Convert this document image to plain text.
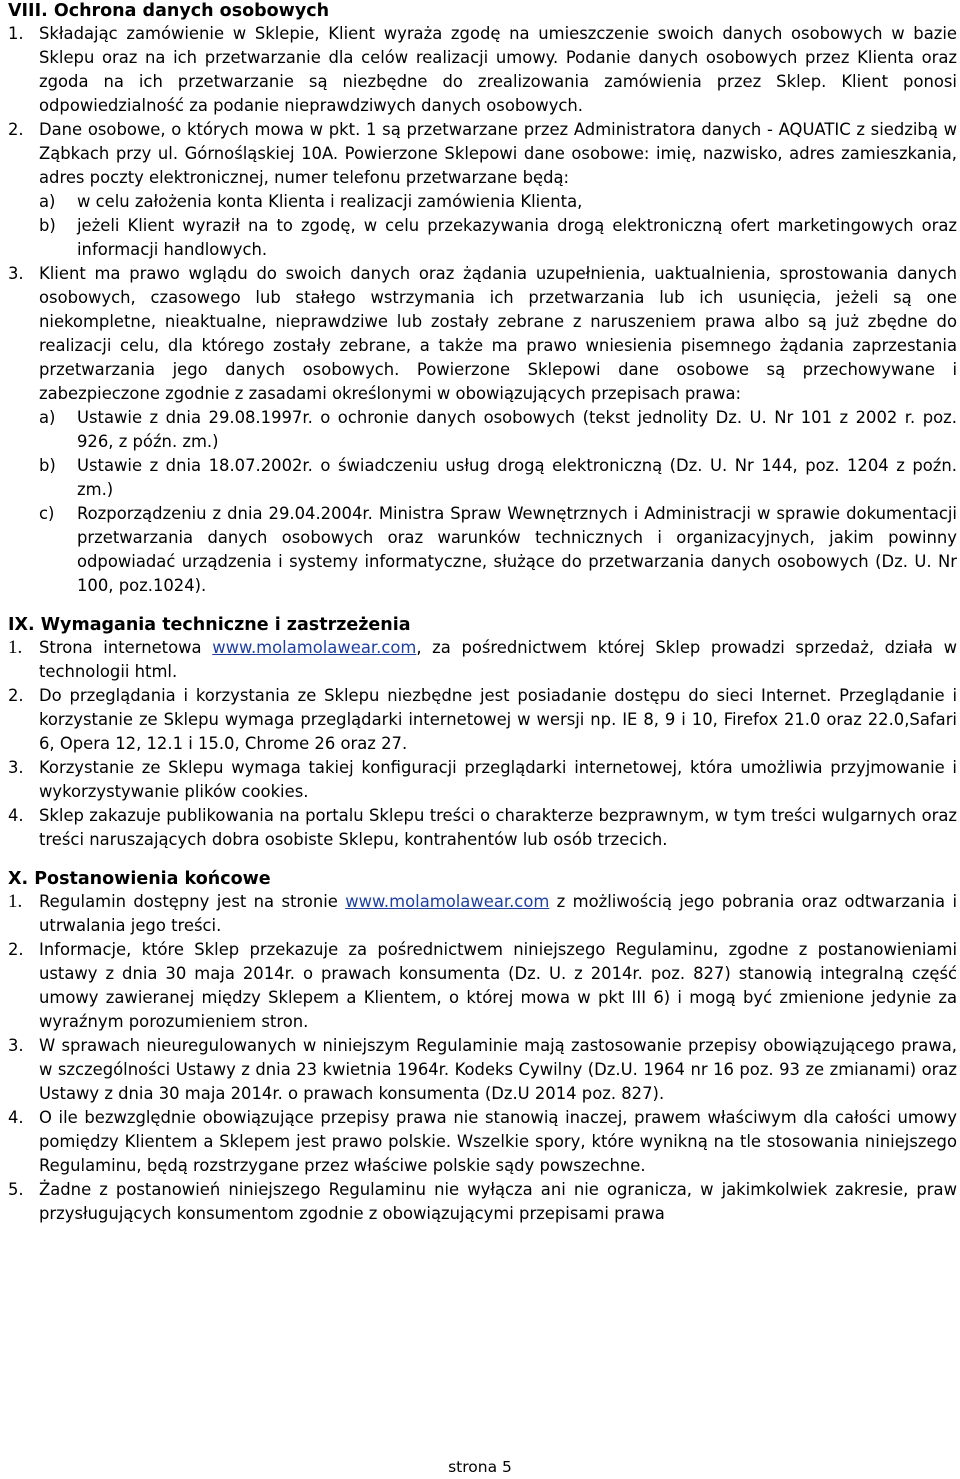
VIII. Ochrona danych osobowych
1. Składając zamówienie w Sklepie, Klient wyraża zgodę na umieszczenie swoich danych osobowych w bazie Sklepu oraz na ich przetwarzanie dla celów realizacji umowy. Podanie danych osobowych przez Klienta oraz zgoda na ich przetwarzanie są niezbędne do zrealizowania zamówienia przez Sklep. Klient ponosi odpowiedzialność za podanie nieprawdziwych danych osobowych.
2. Dane osobowe, o których mowa w pkt. 1 są przetwarzane przez Administratora danych - AQUATIC z siedzibą w Ząbkach przy ul. Górnośląskiej 10A. Powierzone Sklepowi dane osobowe: imię, nazwisko, adres zamieszkania, adres poczty elektronicznej, numer telefonu przetwarzane będą:
a)	w celu założenia konta Klienta i realizacji zamówienia Klienta,
b)	jeżeli Klient wyraził na to zgodę, w celu przekazywania drogą elektroniczną ofert marketingowych oraz informacji handlowych.
3. Klient ma prawo wglądu do swoich danych oraz żądania uzupełnienia, uaktualnienia, sprostowania danych osobowych, czasowego lub stałego wstrzymania ich przetwarzania lub ich usunięcia, jeżeli są one niekompletne, nieaktualne, nieprawdziwe lub zostały zebrane z naruszeniem prawa albo są już zbędne do realizacji celu, dla którego zostały zebrane, a także ma prawo wniesienia pisemnego żądania zaprzestania przetwarzania jego danych osobowych. Powierzone Sklepowi dane osobowe są przechowywane i zabezpieczone zgodnie z zasadami określonymi w obowiązujących przepisach prawa:
a)	Ustawie z dnia 29.08.1997r. o ochronie danych osobowych (tekst jednolity Dz. U. Nr 101 z 2002 r. poz. 926, z późn. zm.)
b)	Ustawie z dnia 18.07.2002r. o świadczeniu usług drogą elektroniczną (Dz. U. Nr 144, poz. 1204 z poźn. zm.)
c)	Rozporządzeniu z dnia 29.04.2004r. Ministra Spraw Wewnętrznych i Administracji w sprawie dokumentacji przetwarzania danych osobowych oraz warunków technicznych i organizacyjnych, jakim powinny odpowiadać urządzenia i systemy informatyczne, służące do przetwarzania danych osobowych (Dz. U. Nr 100, poz.1024).
IX. Wymagania techniczne i zastrzeżenia
1.	Strona internetowa www.molamolawear.com, za pośrednictwem której Sklep prowadzi sprzedaż, działa w technologii html.
2. Do przeglądania i korzystania ze Sklepu niezbędne jest posiadanie dostępu do sieci Internet. Przeglądanie i korzystanie ze Sklepu wymaga przeglądarki internetowej w wersji np. IE 8, 9 i 10, Firefox 21.0 oraz 22.0,Safari 6, Opera 12, 12.1 i 15.0, Chrome 26 oraz 27.
3. Korzystanie ze Sklepu wymaga takiej konfiguracji przeglądarki internetowej, która umożliwia przyjmowanie i wykorzystywanie plików cookies.
4. Sklep zakazuje publikowania na portalu Sklepu treści o charakterze bezprawnym, w tym treści wulgarnych oraz treści naruszających dobra osobiste Sklepu, kontrahentów lub osób trzecich.
X. Postanowienia końcowe
1.	Regulamin dostępny jest na stronie www.molamolawear.com z możliwością jego pobrania oraz odtwarzania i utrwalania jego treści.
2. Informacje, które Sklep przekazuje za pośrednictwem niniejszego Regulaminu, zgodne z postanowieniami ustawy z dnia 30 maja 2014r. o prawach konsumenta (Dz. U. z 2014r. poz. 827) stanowią integralną część umowy zawieranej między Sklepem a Klientem, o której mowa w pkt III 6) i mogą być zmienione jedynie za wyraźnym porozumieniem stron.
3. W sprawach nieuregulowanych w niniejszym Regulaminie mają zastosowanie przepisy obowiązującego prawa, w szczególności Ustawy z dnia 23 kwietnia 1964r. Kodeks Cywilny (Dz.U. 1964 nr 16 poz. 93 ze zmianami) oraz Ustawy z dnia 30 maja 2014r. o prawach konsumenta (Dz.U 2014 poz. 827).
4. O ile bezwzględnie obowiązujące przepisy prawa nie stanowią inaczej, prawem właściwym dla całości umowy pomiędzy Klientem a Sklepem jest prawo polskie. Wszelkie spory, które wynikną na tle stosowania niniejszego Regulaminu, będą rozstrzygane przez właściwe polskie sądy powszechne.
5. Żadne z postanowień niniejszego Regulaminu nie wyłącza ani nie ogranicza, w jakimkolwiek zakresie, praw przysługujących konsumentom zgodnie z obowiązującymi przepisami prawa
strona 5
